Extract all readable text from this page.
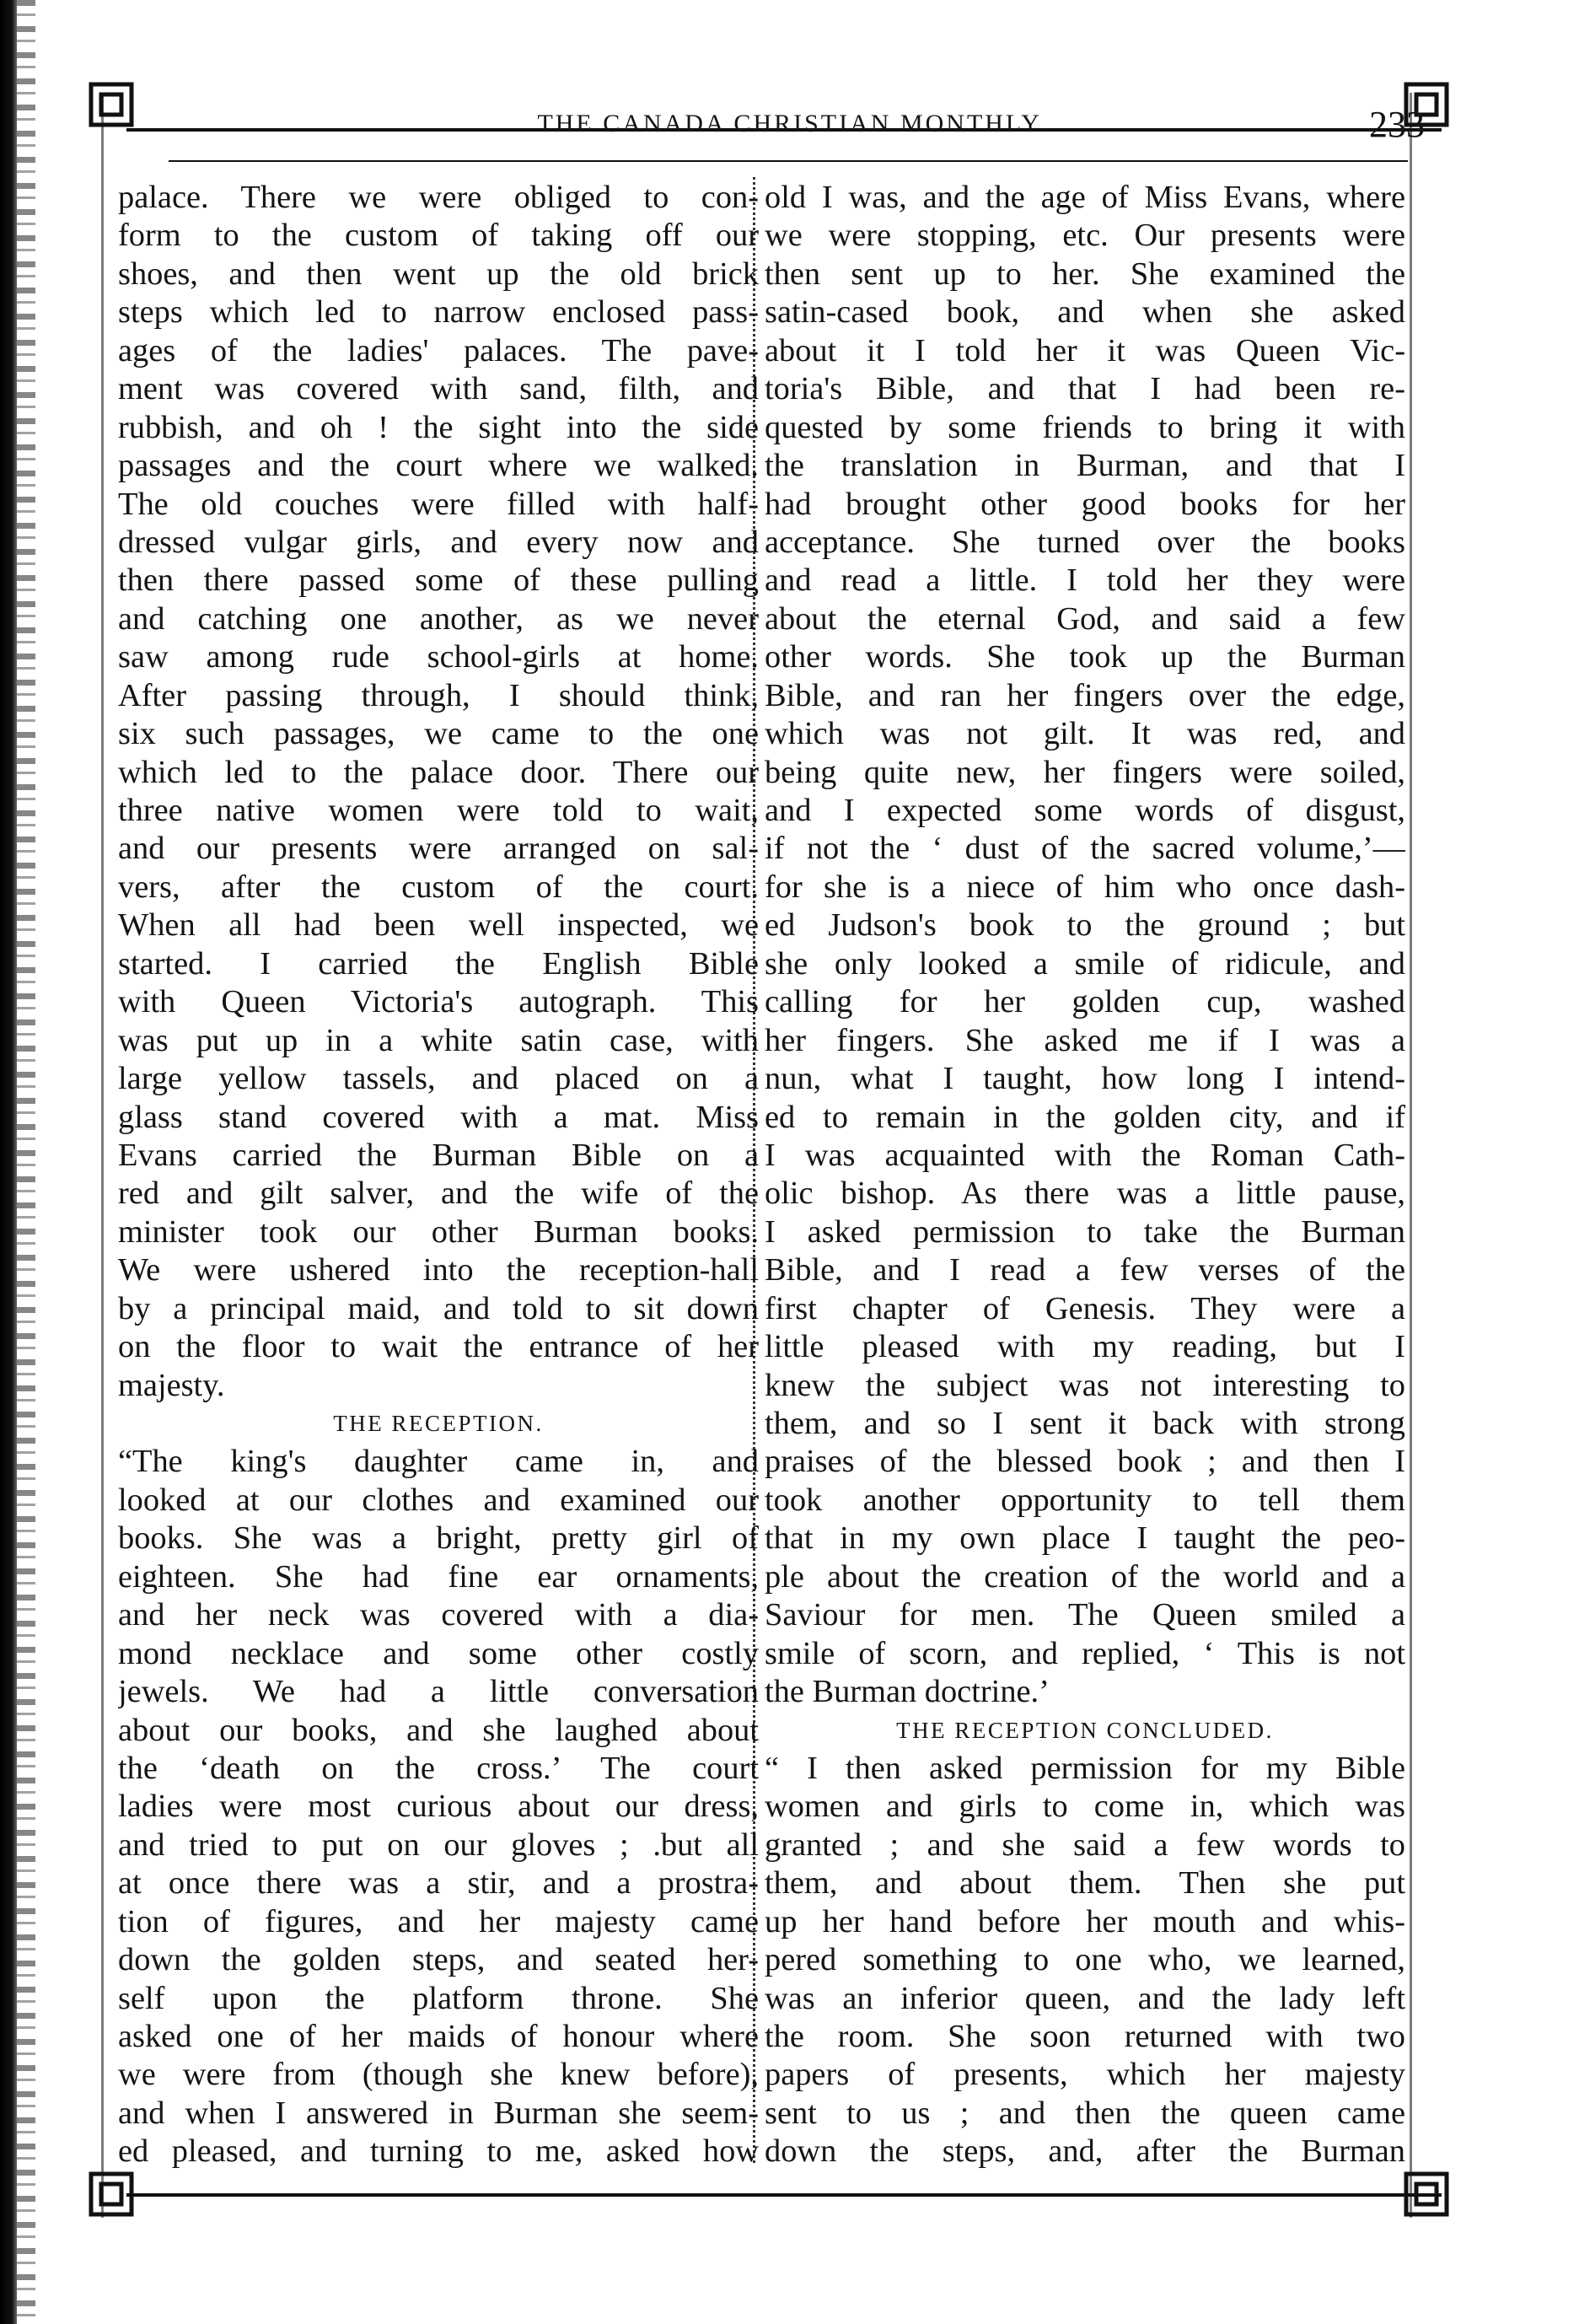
THE CANADA CHRISTIAN MONTHLY.	233
palace. There we were obliged to con-
form to the custom of taking off our
shoes, and then went up the old brick
steps which led to narrow enclosed pass-
ages of the ladies' palaces. The pave-
ment was covered with sand, filth, and
rubbish, and oh ! the sight into the side
passages and the court where we walked.
The old couches were filled with half-
dressed vulgar girls, and every now and
then there passed some of these pulling
and catching one another, as we never
saw among rude school-girls at home.
After passing through, I should think,
six such passages, we came to the one
which led to the palace door. There our
three native women were told to wait,
and our presents were arranged on sal-
vers, after the custom of the court.
When all had been well inspected, we
started. I carried the English Bible
with Queen Victoria's autograph. This
was put up in a white satin case, with
large yellow tassels, and placed on a
glass stand covered with a mat. Miss
Evans carried the Burman Bible on a
red and gilt salver, and the wife of the
minister took our other Burman books.
We were ushered into the reception-hall
by a principal maid, and told to sit down
on the floor to wait the entrance of her
majesty.
THE RECEPTION.
“The king's daughter came in, and
looked at our clothes and examined our
books. She was a bright, pretty girl of
eighteen. She had fine ear ornaments,
and her neck was covered with a dia-
mond necklace and some other costly
jewels. We had a little conversation
about our books, and she laughed about
the ‘death on the cross.’ The court
ladies were most curious about our dress,
and tried to put on our gloves ; .but all
at once there was a stir, and a prostra-
tion of figures, and her majesty came
down the golden steps, and seated her-
self upon the platform throne. She
asked one of her maids of honour where
we were from (though she knew before),
and when I answered in Burman she seem-
ed pleased, and turning to me, asked how
old I was, and the age of Miss Evans, where
we were stopping, etc. Our presents were
then sent up to her. She examined the
satin-cased book, and when she asked
about it I told her it was Queen Vic-
toria's Bible, and that I had been re-
quested by some friends to bring it with
the translation in Burman, and that I
had brought other good books for her
acceptance. She turned over the books
and read a little. I told her they were
about the eternal God, and said a few
other words. She took up the Burman
Bible, and ran her fingers over the edge,
which was not gilt. It was red, and
being quite new, her fingers were soiled,
and I expected some words of disgust,
if not the ‘ dust of the sacred volume,’—
for she is a niece of him who once dash-
ed Judson's book to the ground ; but
she only looked a smile of ridicule, and
calling for her golden cup, washed
her fingers. She asked me if I was a
nun, what I taught, how long I intend-
ed to remain in the golden city, and if
I was acquainted with the Roman Cath-
olic bishop. As there was a little pause,
I asked permission to take the Burman
Bible, and I read a few verses of the
first chapter of Genesis. They were a
little pleased with my reading, but I
knew the subject was not interesting to
them, and so I sent it back with strong
praises of the blessed book ; and then I
took another opportunity to tell them
that in my own place I taught the peo-
ple about the creation of the world and a
Saviour for men. The Queen smiled a
smile of scorn, and replied, ‘ This is not
the Burman doctrine.’
THE RECEPTION CONCLUDED.
“ I then asked permission for my Bible
women and girls to come in, which was
granted ; and she said a few words to
them, and about them. Then she put
up her hand before her mouth and whis-
pered something to one who, we learned,
was an inferior queen, and the lady left
the room. She soon returned with two
papers of presents, which her majesty
sent to us ; and then the queen came
down the steps, and, after the Burman
